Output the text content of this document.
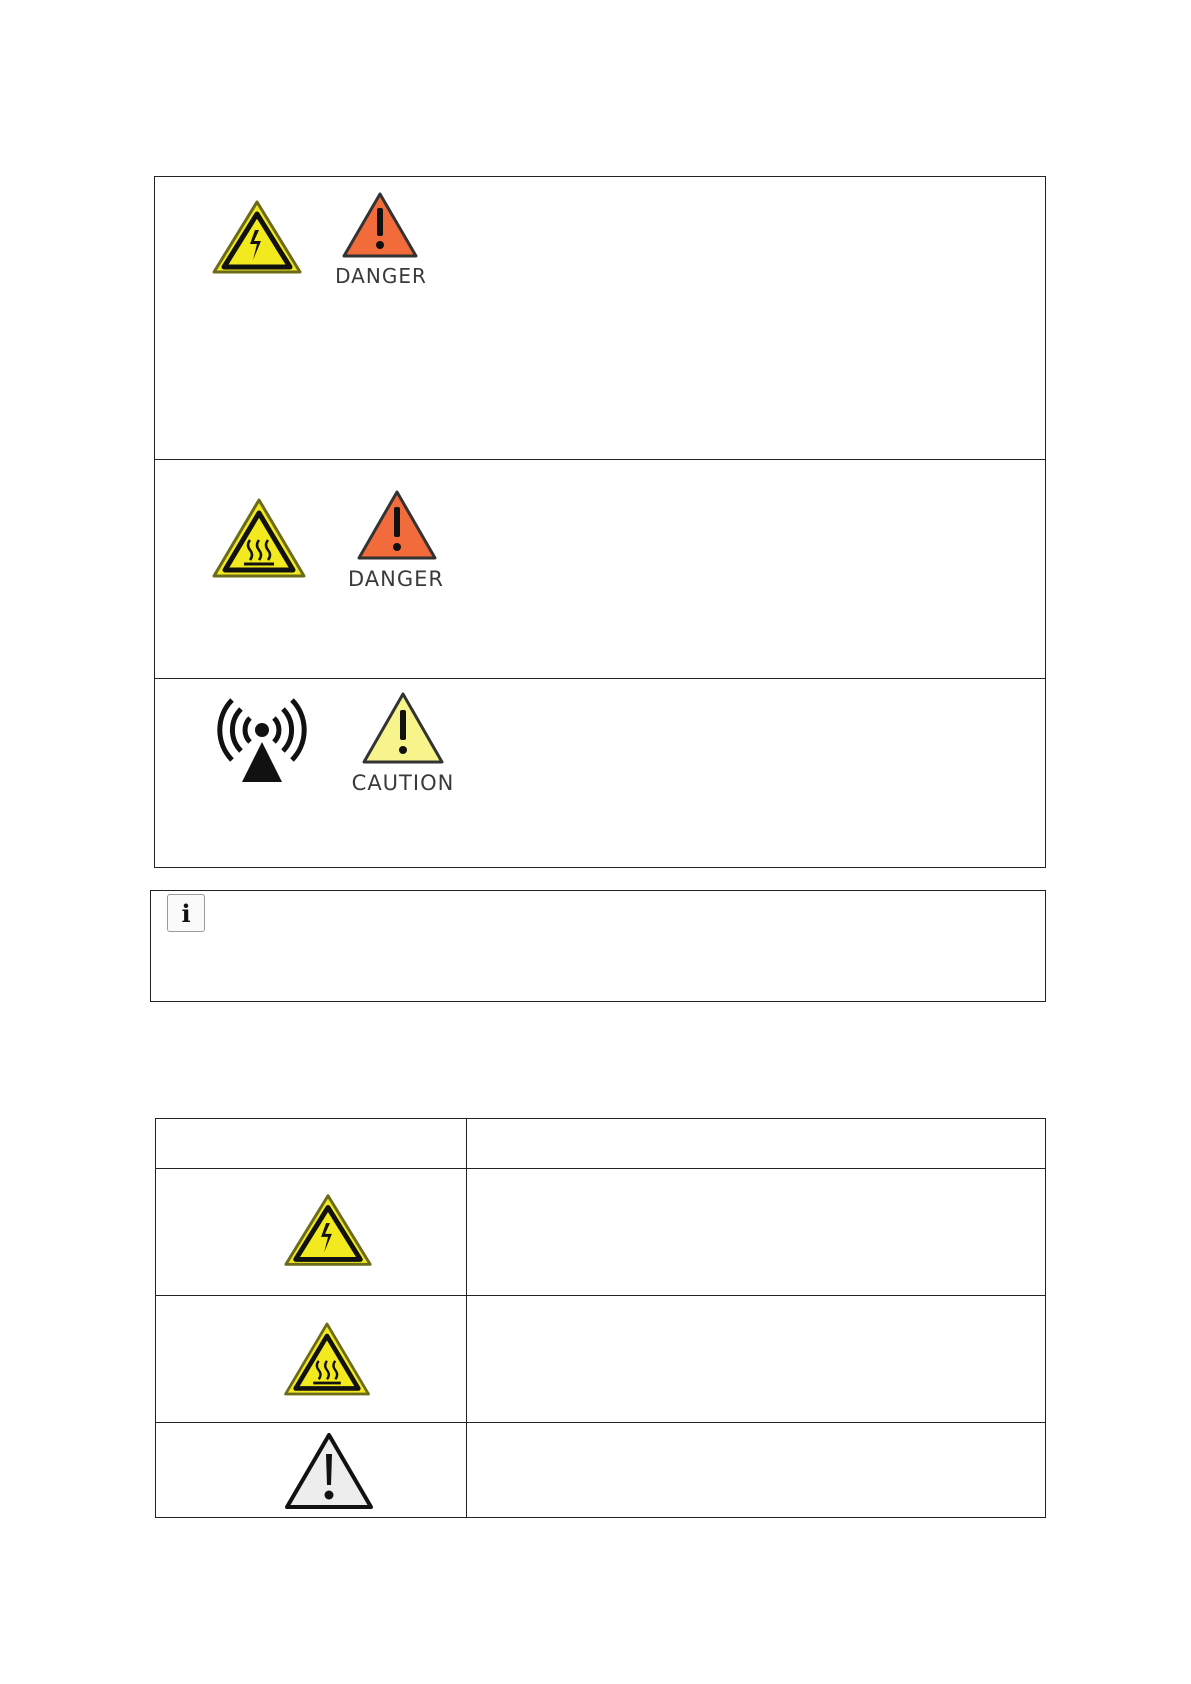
DANGER
DANGER
CAUTION
i
